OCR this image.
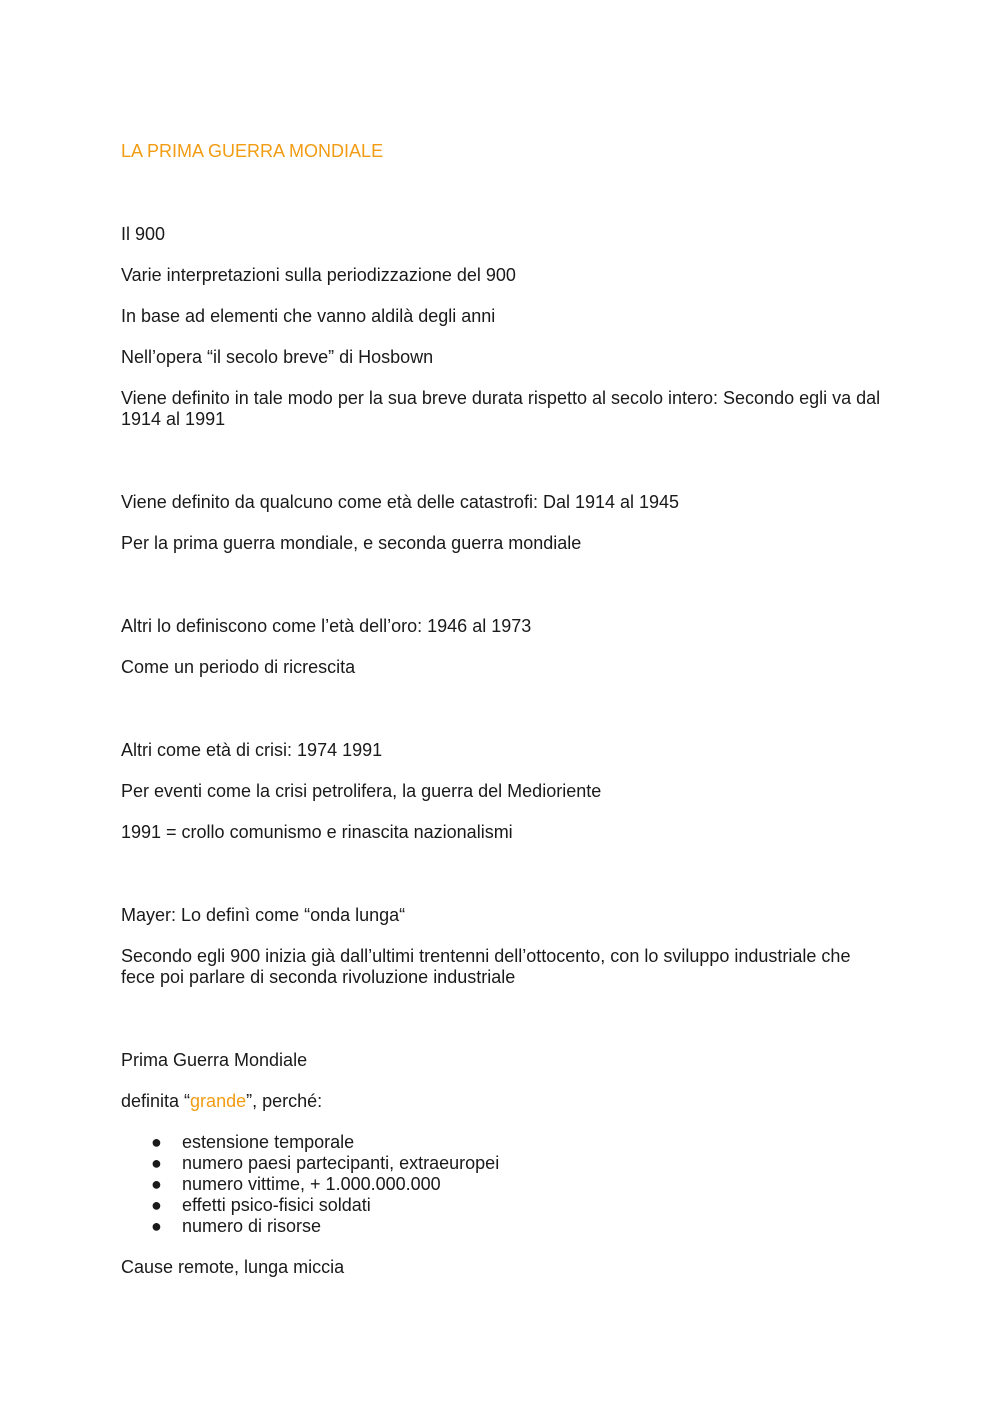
LA PRIMA GUERRA MONDIALE

Il 900

Varie interpretazioni sulla periodizzazione del 900

In base ad elementi che vanno aldilà degli anni

Nell’opera “il secolo breve” di Hosbown

Viene definito in tale modo per la sua breve durata rispetto al secolo intero: Secondo egli va dal 1914 al 1991

Viene definito da qualcuno come età delle catastrofi: Dal 1914 al 1945

Per la prima guerra mondiale, e seconda guerra mondiale

Altri lo definiscono come l’età dell’oro: 1946 al 1973

Come un periodo di ricrescita

Altri come età di crisi: 1974 1991

Per eventi come la crisi petrolifera, la guerra del Medioriente

1991 = crollo comunismo e rinascita nazionalismi

Mayer: Lo definì come “onda lunga“

Secondo egli 900 inizia già dall’ultimi trentenni dell’ottocento, con lo sviluppo industriale che fece poi parlare di seconda rivoluzione industriale

Prima Guerra Mondiale

definita “grande”, perché:

● estensione temporale
● numero paesi partecipanti, extraeuropei
● numero vittime, + 1.000.000.000
● effetti psico-fisici soldati
● numero di risorse

Cause remote, lunga miccia
